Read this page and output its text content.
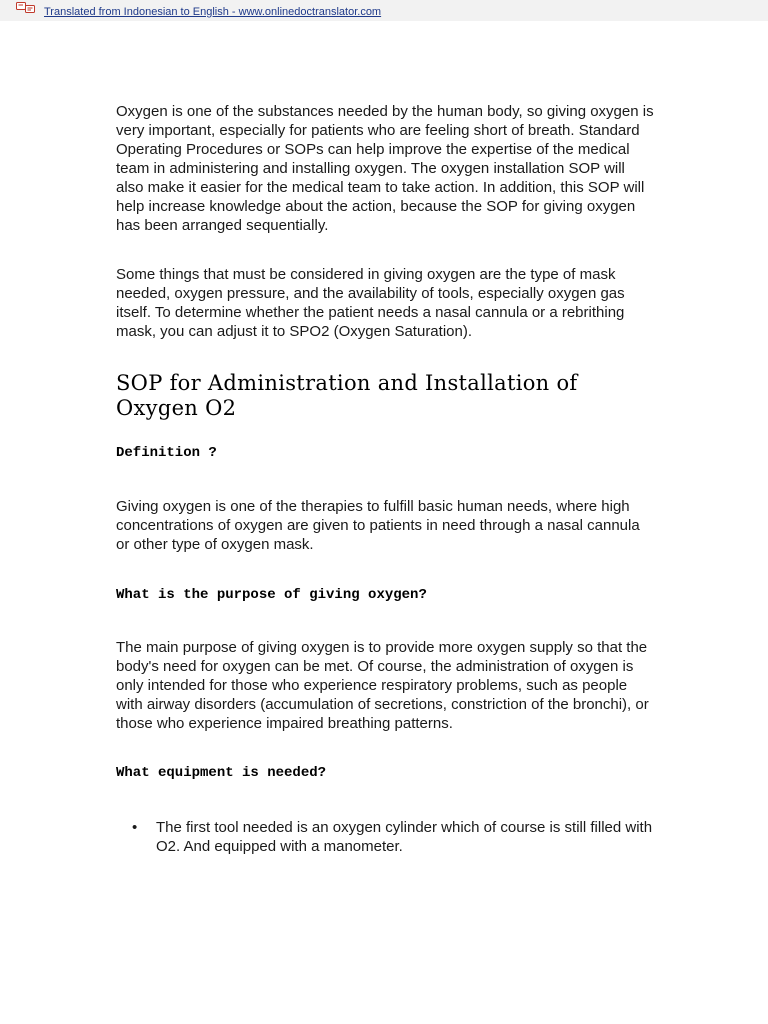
Translated from Indonesian to English - www.onlinedoctranslator.com

Oxygen is one of the substances needed by the human body, so giving oxygen is very important, especially for patients who are feeling short of breath. Standard Operating Procedures or SOPs can help improve the expertise of the medical team in administering and installing oxygen. The oxygen installation SOP will also make it easier for the medical team to take action. In addition, this SOP will help increase knowledge about the action, because the SOP for giving oxygen has been arranged sequentially.

Some things that must be considered in giving oxygen are the type of mask needed, oxygen pressure, and the availability of tools, especially oxygen gas itself. To determine whether the patient needs a nasal cannula or a rebrithing mask, you can adjust it to SPO2 (Oxygen Saturation).

SOP for Administration and Installation of Oxygen O2
Definition ?

Giving oxygen is one of the therapies to fulfill basic human needs, where high concentrations of oxygen are given to patients in need through a nasal cannula or other type of oxygen mask.

What is the purpose of giving oxygen?

The main purpose of giving oxygen is to provide more oxygen supply so that the body's need for oxygen can be met. Of course, the administration of oxygen is only intended for those who experience respiratory problems, such as people with airway disorders (accumulation of secretions, constriction of the bronchi), or those who experience impaired breathing patterns.

What equipment is needed?
• The first tool needed is an oxygen cylinder which of course is still filled with O2. And equipped with a manometer.
